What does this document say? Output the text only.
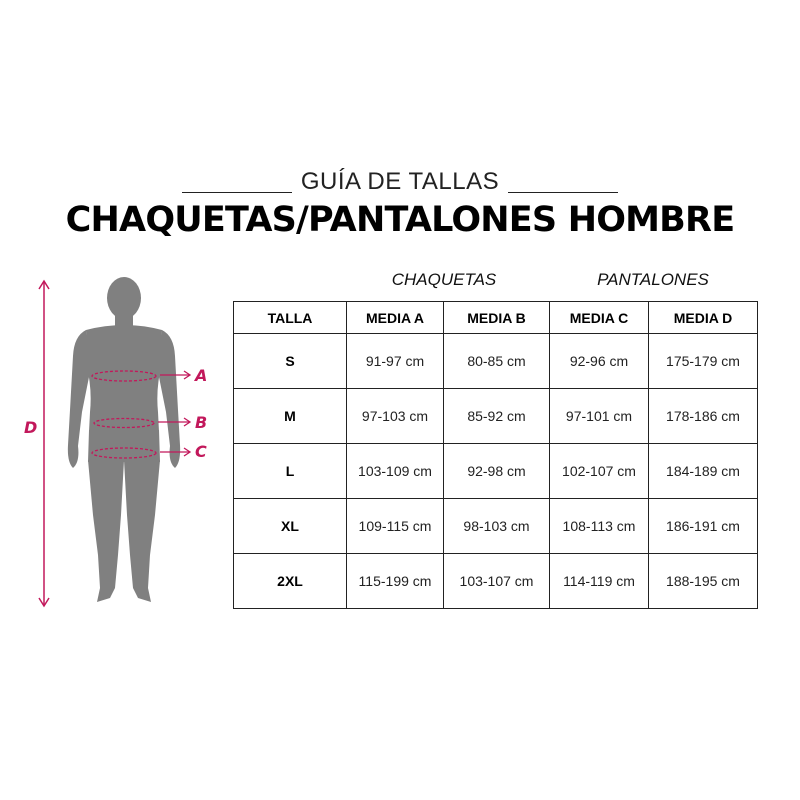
GUÍA DE TALLAS
CHAQUETAS/PANTALONES HOMBRE
CHAQUETAS	PANTALONES
A
B
C
D
TALLA	MEDIA A	MEDIA B	MEDIA C	MEDIA D
S	91-97 cm	80-85 cm	92-96 cm	175-179 cm
M	97-103 cm	85-92 cm	97-101 cm	178-186 cm
L	103-109 cm	92-98 cm	102-107 cm	184-189 cm
XL	109-115 cm	98-103 cm	108-113 cm	186-191 cm
2XL	115-199 cm	103-107 cm	114-119 cm	188-195 cm
